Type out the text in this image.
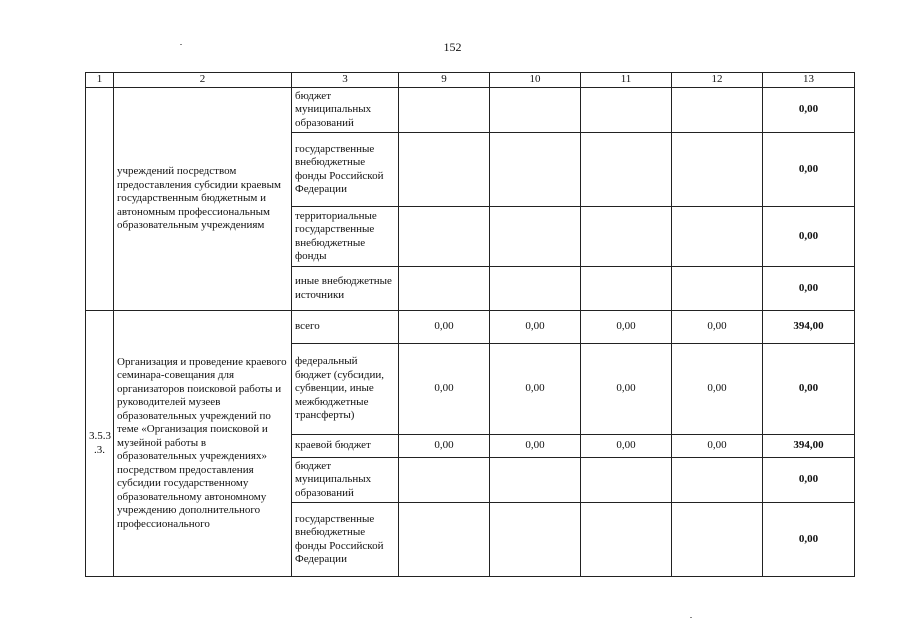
152
1	2	3	9	10	11	12	13
	учреждений посредством предоставления субсидии краевым государственным бюджетным и автономным профессиональным образовательным учреждениям	бюджет муниципальных образований					0,00
		государственные внебюджетные фонды Российской Федерации					0,00
		территориальные государственные внебюджетные фонды					0,00
		иные внебюджетные источники					0,00
3.5.3 .3.	Организация и проведение краевого семинара-совещания для организаторов поисковой работы и руководителей музеев образовательных учреждений по теме «Организация поисковой и музейной работы в образовательных учреждениях» посредством предоставления субсидии государственному образовательному автономному учреждению дополнительного профессионального	всего	0,00	0,00	0,00	0,00	394,00
		федеральный бюджет (субсидии, субвенции, иные межбюджетные трансферты)	0,00	0,00	0,00	0,00	0,00
		краевой бюджет	0,00	0,00	0,00	0,00	394,00
		бюджет муниципальных образований					0,00
		государственные внебюджетные фонды Российской Федерации					0,00
